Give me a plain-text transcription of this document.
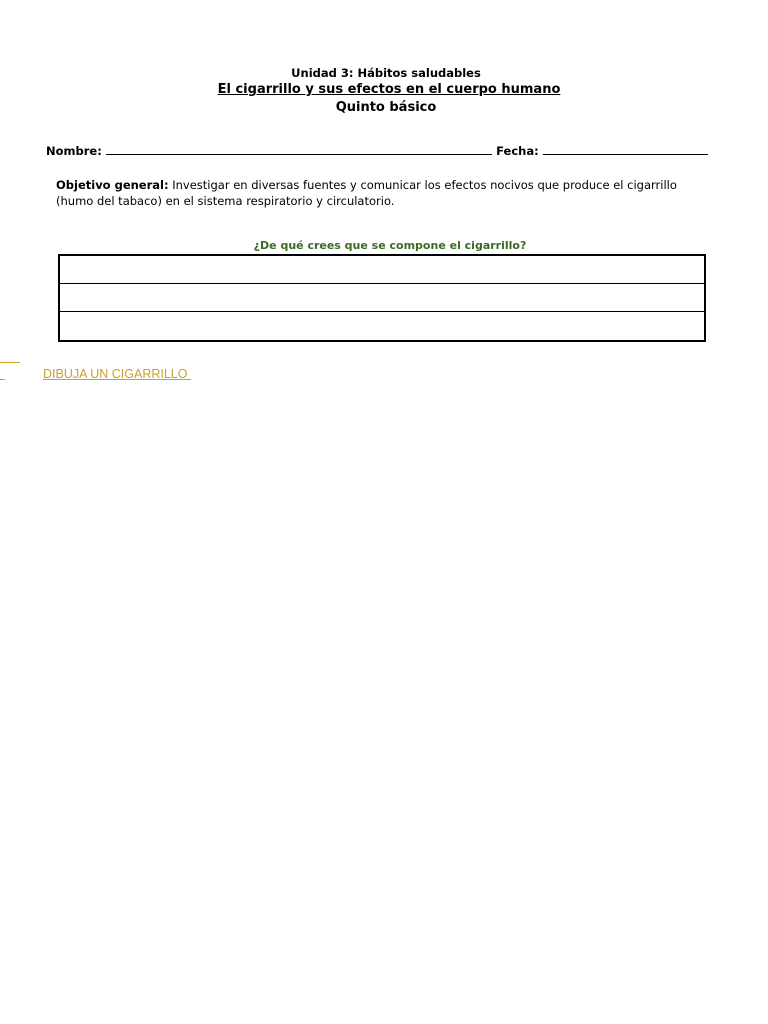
Unidad 3: Hábitos saludables
El cigarrillo y sus efectos en el cuerpo humano
Quinto básico
Nombre:	Fecha:
Objetivo general: Investigar en diversas fuentes y comunicar los efectos nocivos que produce el cigarrillo (humo del tabaco) en el sistema respiratorio y circulatorio.
¿De qué crees que se compone el cigarrillo?
DIBUJA UN CIGARRILLO
